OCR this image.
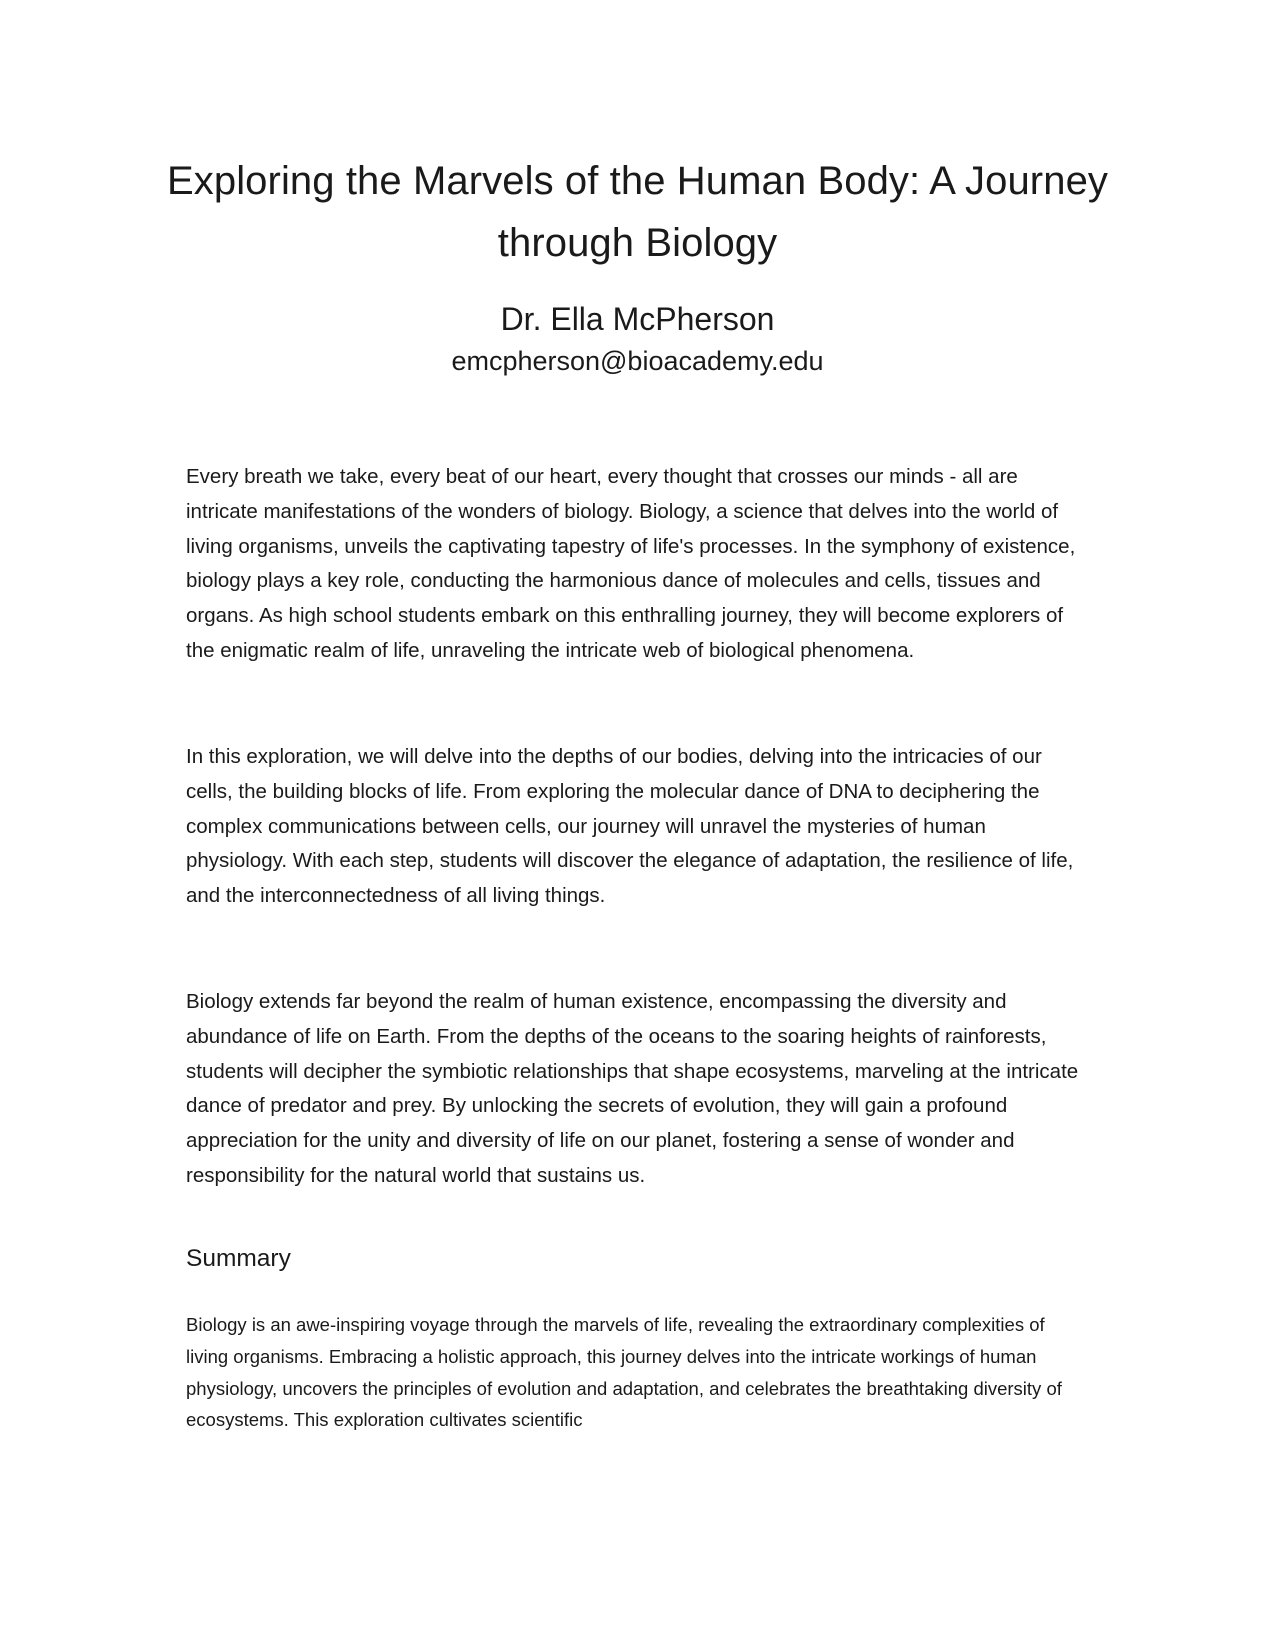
Exploring the Marvels of the Human Body: A Journey through Biology

Dr. Ella McPherson

emcpherson@bioacademy.edu

Every breath we take, every beat of our heart, every thought that crosses our minds - all are intricate manifestations of the wonders of biology. Biology, a science that delves into the world of living organisms, unveils the captivating tapestry of life's processes. In the symphony of existence, biology plays a key role, conducting the harmonious dance of molecules and cells, tissues and organs. As high school students embark on this enthralling journey, they will become explorers of the enigmatic realm of life, unraveling the intricate web of biological phenomena.

In this exploration, we will delve into the depths of our bodies, delving into the intricacies of our cells, the building blocks of life. From exploring the molecular dance of DNA to deciphering the complex communications between cells, our journey will unravel the mysteries of human physiology. With each step, students will discover the elegance of adaptation, the resilience of life, and the interconnectedness of all living things.

Biology extends far beyond the realm of human existence, encompassing the diversity and abundance of life on Earth. From the depths of the oceans to the soaring heights of rainforests, students will decipher the symbiotic relationships that shape ecosystems, marveling at the intricate dance of predator and prey. By unlocking the secrets of evolution, they will gain a profound appreciation for the unity and diversity of life on our planet, fostering a sense of wonder and responsibility for the natural world that sustains us.

Summary

Biology is an awe-inspiring voyage through the marvels of life, revealing the extraordinary complexities of living organisms. Embracing a holistic approach, this journey delves into the intricate workings of human physiology, uncovers the principles of evolution and adaptation, and celebrates the breathtaking diversity of ecosystems. This exploration cultivates scientific
